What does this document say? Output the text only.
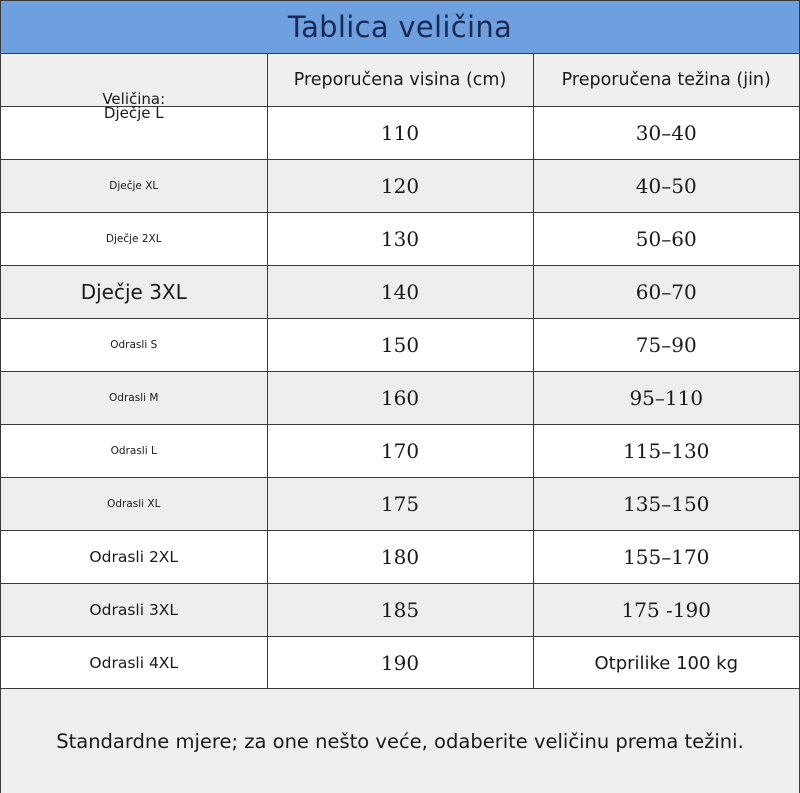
Tablica veličina
Veličina:	Preporučena visina (cm)	Preporučena težina (jin)
Dječje L	110	30–40
Dječje XL	120	40–50
Dječje 2XL	130	50–60
Dječje 3XL	140	60–70
Odrasli S	150	75–90
Odrasli M	160	95–110
Odrasli L	170	115–130
Odrasli XL	175	135–150
Odrasli 2XL	180	155–170
Odrasli 3XL	185	175 -190
Odrasli 4XL	190	Otprilike 100 kg
Standardne mjere; za one nešto veće, odaberite veličinu prema težini.
